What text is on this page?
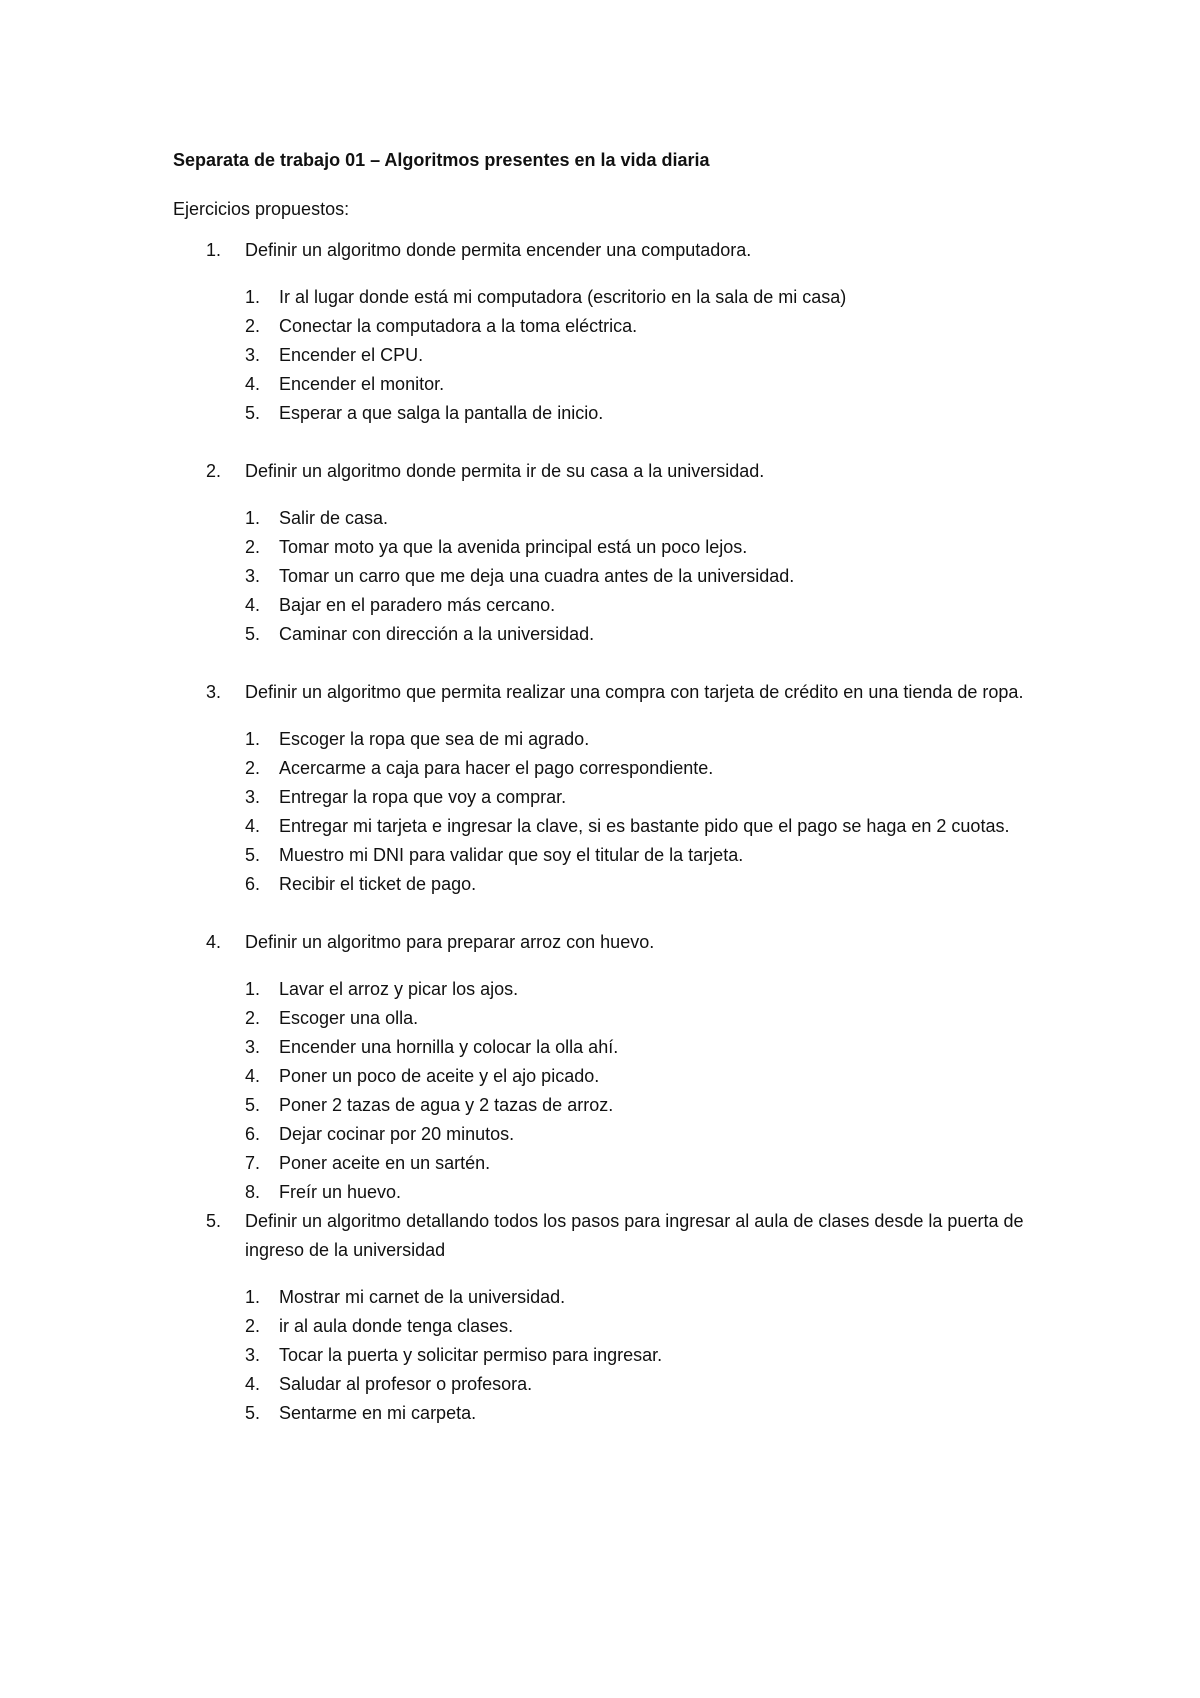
Separata de trabajo 01 – Algoritmos presentes en la vida diaria

Ejercicios propuestos:

1. Definir un algoritmo donde permita encender una computadora.

1. Ir al lugar donde está mi computadora (escritorio en la sala de mi casa)
2. Conectar la computadora a la toma eléctrica.
3. Encender el CPU.
4. Encender el monitor.
5. Esperar a que salga la pantalla de inicio.
2. Definir un algoritmo donde permita ir de su casa a la universidad.

1. Salir de casa.
2. Tomar moto ya que la avenida principal está un poco lejos.
3. Tomar un carro que me deja una cuadra antes de la universidad.
4. Bajar en el paradero más cercano.
5. Caminar con dirección a la universidad.
3. Definir un algoritmo que permita realizar una compra con tarjeta de crédito en una tienda de ropa.

1. Escoger la ropa que sea de mi agrado.
2. Acercarme a caja para hacer el pago correspondiente.
3. Entregar la ropa que voy a comprar.
4. Entregar mi tarjeta e ingresar la clave, si es bastante pido que el pago se haga en 2 cuotas.
5. Muestro mi DNI para validar que soy el titular de la tarjeta.
6. Recibir el ticket de pago.
4. Definir un algoritmo para preparar arroz con huevo.

1. Lavar el arroz y picar los ajos.
2. Escoger una olla.
3. Encender una hornilla y colocar la olla ahí.
4. Poner un poco de aceite y el ajo picado.
5. Poner 2 tazas de agua y 2 tazas de arroz.
6. Dejar cocinar por 20 minutos.
7. Poner aceite en un sartén.
8. Freír un huevo.
5. Definir un algoritmo detallando todos los pasos para ingresar al aula de clases desde la puerta de ingreso de la universidad

1. Mostrar mi carnet de la universidad.
2. ir al aula donde tenga clases.
3. Tocar la puerta y solicitar permiso para ingresar.
4. Saludar al profesor o profesora.
5. Sentarme en mi carpeta.
